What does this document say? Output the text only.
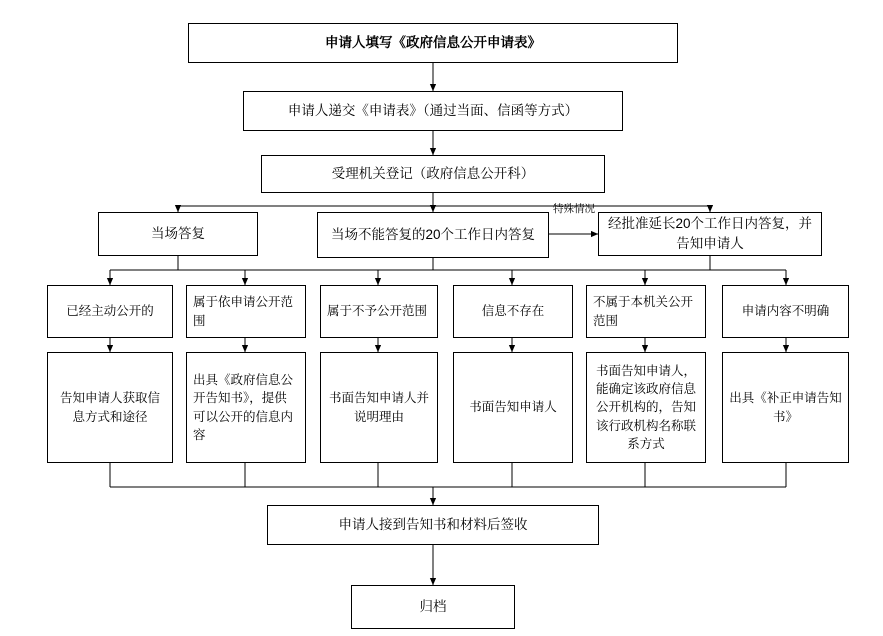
申请人填写《政府信息公开申请表》
申请人递交《申请表》（通过当面、信函等方式）
受理机关登记（政府信息公开科）
当场答复	当场不能答复的20个工作日内答复
特殊情况
经批准延长20个工作日内答复，并告知申请人
已经主动公开的
属于依申请公开范围
属于不予公开范围	信息不存在
不属于本机关公开范围
申请内容不明确
告知申请人获取信息方式和途径
出具《政府信息公开告知书》，提供可以公开的信息内容
书面告知申请人并说明理由
书面告知申请人
书面告知申请人，能确定该政府信息公开机构的，告知该行政机构名称联系方式
出具《补正申请告知书》
申请人接到告知书和材料后签收
归档
